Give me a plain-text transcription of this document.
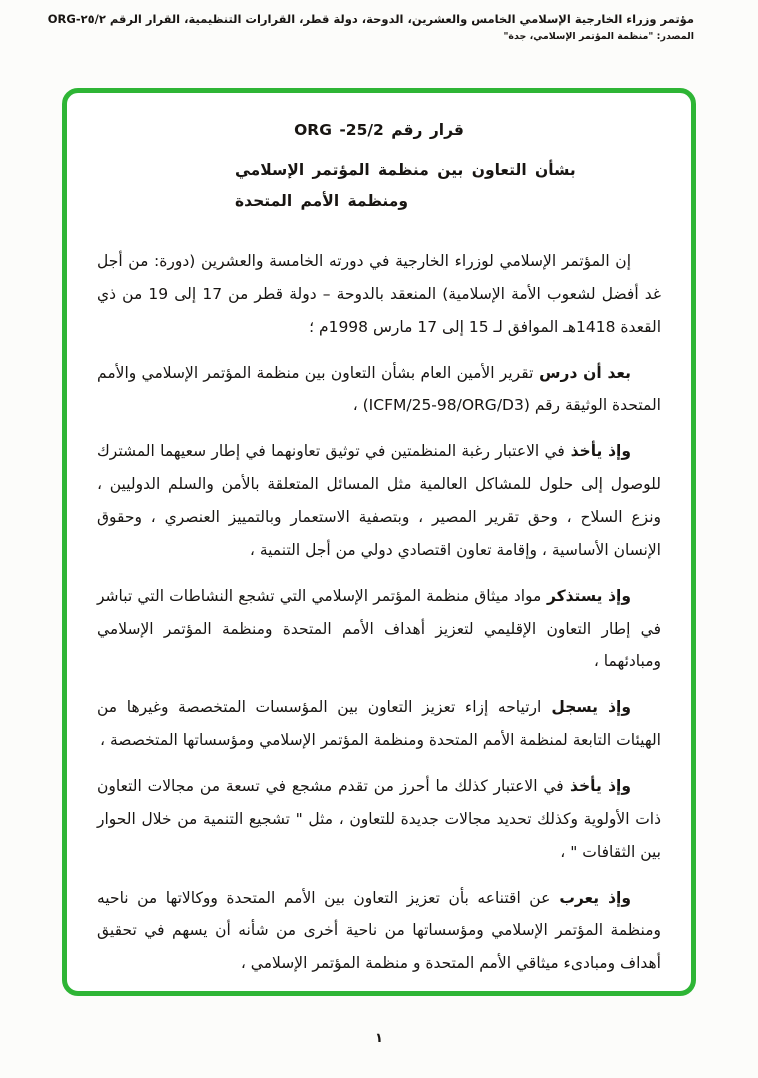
مؤتمر وزراء الخارجية الإسلامي الخامس والعشرين، الدوحة، دولة قطر، القرارات التنظيمية، القرار الرقم ٢٥/٢-ORG
المصدر: "منظمة المؤتمر الإسلامي، جدة"
قرار رقم 25/2- ORG
بشأن التعاون بين منظمة المؤتمر الإسلامي
ومنظمة الأمم المتحدة

إن المؤتمر الإسلامي لوزراء الخارجية في دورته الخامسة والعشرين (دورة: من أجل غد أفضل لشعوب الأمة الإسلامية) المنعقد بالدوحة – دولة قطر من 17 إلى 19 من ذي القعدة 1418هـ الموافق لـ 15 إلى 17 مارس 1998م ؛

بعد أن درس تقرير الأمين العام بشأن التعاون بين منظمة المؤتمر الإسلامي والأمم المتحدة الوثيقة رقم (⁦ICFM/25-98/ORG/D3⁩) ،

وإذ يأخذ في الاعتبار رغبة المنظمتين في توثيق تعاونهما في إطار سعيهما المشترك للوصول إلى حلول للمشاكل العالمية مثل المسائل المتعلقة بالأمن والسلم الدوليين ، ونزع السلاح ، وحق تقرير المصير ، وبتصفية الاستعمار وبالتمييز العنصري ، وحقوق الإنسان الأساسية ، وإقامة تعاون اقتصادي دولي من أجل التنمية ،

وإذ يستذكر مواد ميثاق منظمة المؤتمر الإسلامي التي تشجع النشاطات التي تباشر في إطار التعاون الإقليمي لتعزيز أهداف الأمم المتحدة ومنظمة المؤتمر الإسلامي ومبادئهما ،

وإذ يسجل ارتياحه إزاء تعزيز التعاون بين المؤسسات المتخصصة وغيرها من الهيئات التابعة لمنظمة الأمم المتحدة ومنظمة المؤتمر الإسلامي ومؤسساتها المتخصصة ،

وإذ يأخذ في الاعتبار كذلك ما أحرز من تقدم مشجع في تسعة من مجالات التعاون ذات الأولوية وكذلك تحديد مجالات جديدة للتعاون ، مثل " تشجيع التنمية من خلال الحوار بين الثقافات " ،

وإذ يعرب عن اقتناعه بأن تعزيز التعاون بين الأمم المتحدة ووكالاتها من ناحيه ومنظمة المؤتمر الإسلامي ومؤسساتها من ناحية أخرى من شأنه أن يسهم في تحقيق أهداف ومبادىء ميثاقي الأمم المتحدة و منظمة المؤتمر الإسلامي ،

١
